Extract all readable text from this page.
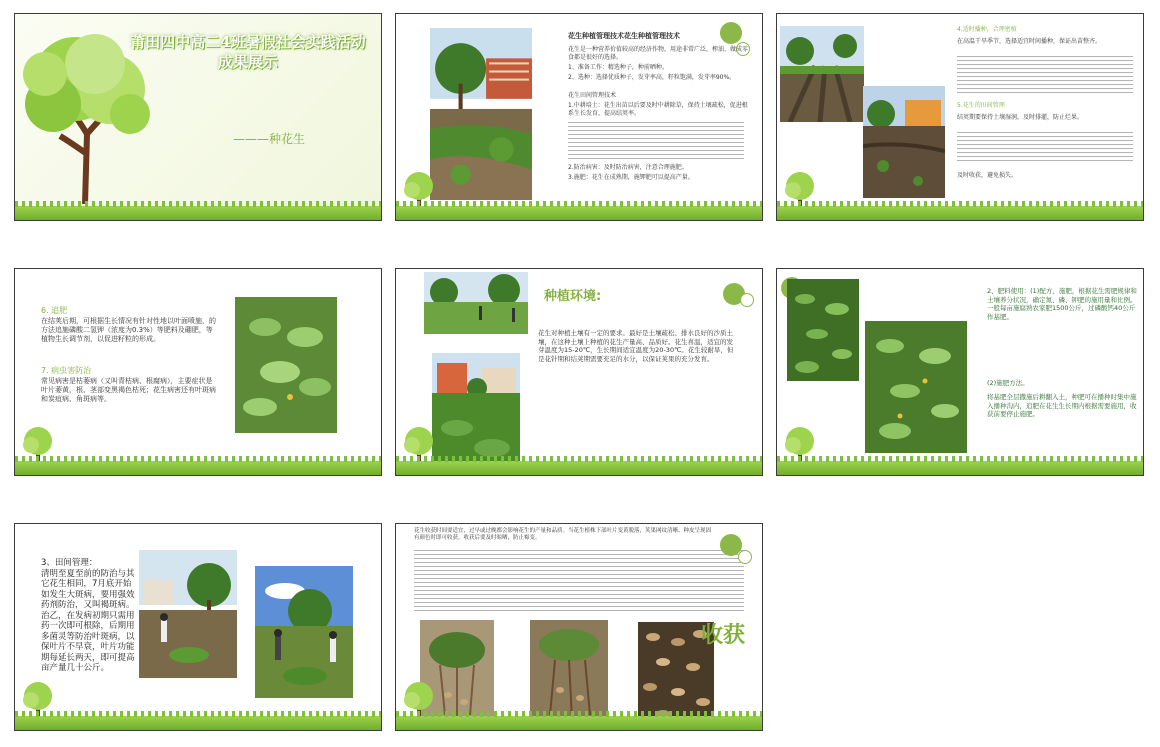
莆田四中高二4班暑假社会实践活动成果展示
———种花生
花生种植管理技术花生种植管理技术
花生是一种营养价值较高的经济作物，用途非常广泛，榨油、做成零食都是很好的选择。
1、准备工作：精选种子，种前晒种。
2、选种：选择优质种子，发芽率高，籽粒饱满，发芽率90%。
花生田间管理技术
1.中耕培土：花生出苗以后要及时中耕除草，保持土壤疏松，促进根系生长发育，提高结荚率。
2.防治病害：及时防治病害，注意合理施肥。
3.施肥：花生在成熟期，施钾肥可以提高产量。
4.适时播种，合理密植
在高温干旱季节，选择适宜时间播种，保证出苗整齐。
5.花生的田间管理
结荚期要保持土壤湿润，及时排灌，防止烂果。
及时收获，避免损失。
6. 追肥
在结荚后期，可根据生长情况有针对性地以叶面喷施，的方法追施磷酸二氢钾（浓度为0.3%）等肥料及硼肥，等植物生长调节剂，以促进籽粒的形成。
7. 病虫害防治
常见病害是枯萎病（又叫青枯病、根腐病），主要症状是叶片萎黄，根、茎部变黑褐色枯死；花生病害还有叶斑病和炭疽病、角斑病等。
种植环境:
花生对种植土壤有一定的要求。最好是土壤疏松、排水良好的沙质土壤，在这种土壤上种植的花生产量高、品质好。花生喜温，适宜的发芽温度为15-20℃，生长期间适宜温度为20-30℃。花生较耐旱，但是花针期和结荚期需要充足的水分，以保证荚果的充分发育。
2、肥料使用：(1)配方、施肥，根据花生需肥规律和土壤养分状况，确定氮、磷、钾肥的施用量和比例。一般每亩施腐熟农家肥1500公斤，过磷酸钙40公斤作基肥。
(2)施肥方法。
将基肥全层撒施后耕翻入土，种肥可在播种时集中施入播种沟内，追肥在花生生长期内根据需要施用，收获前要停止施肥。
3、田间管理：
清明至夏至前的防治与其它花生相同，7月底开始如发生大斑病，要用强效药剂防治，又叫褐斑病。治乙，在发病初期只需用药一次即可根除，后期用多菌灵等防治叶斑病，以保叶片不早衰，叶片功能期每延长两天，即可提高亩产量几十公斤。
花生收获时间要适宜，过早或过晚都会影响花生的产量和品质。当花生植株下部叶片变黄脱落，荚果网纹清晰、种皮呈现固有颜色时即可收获。收获后要及时晾晒，防止霉变。
收获
